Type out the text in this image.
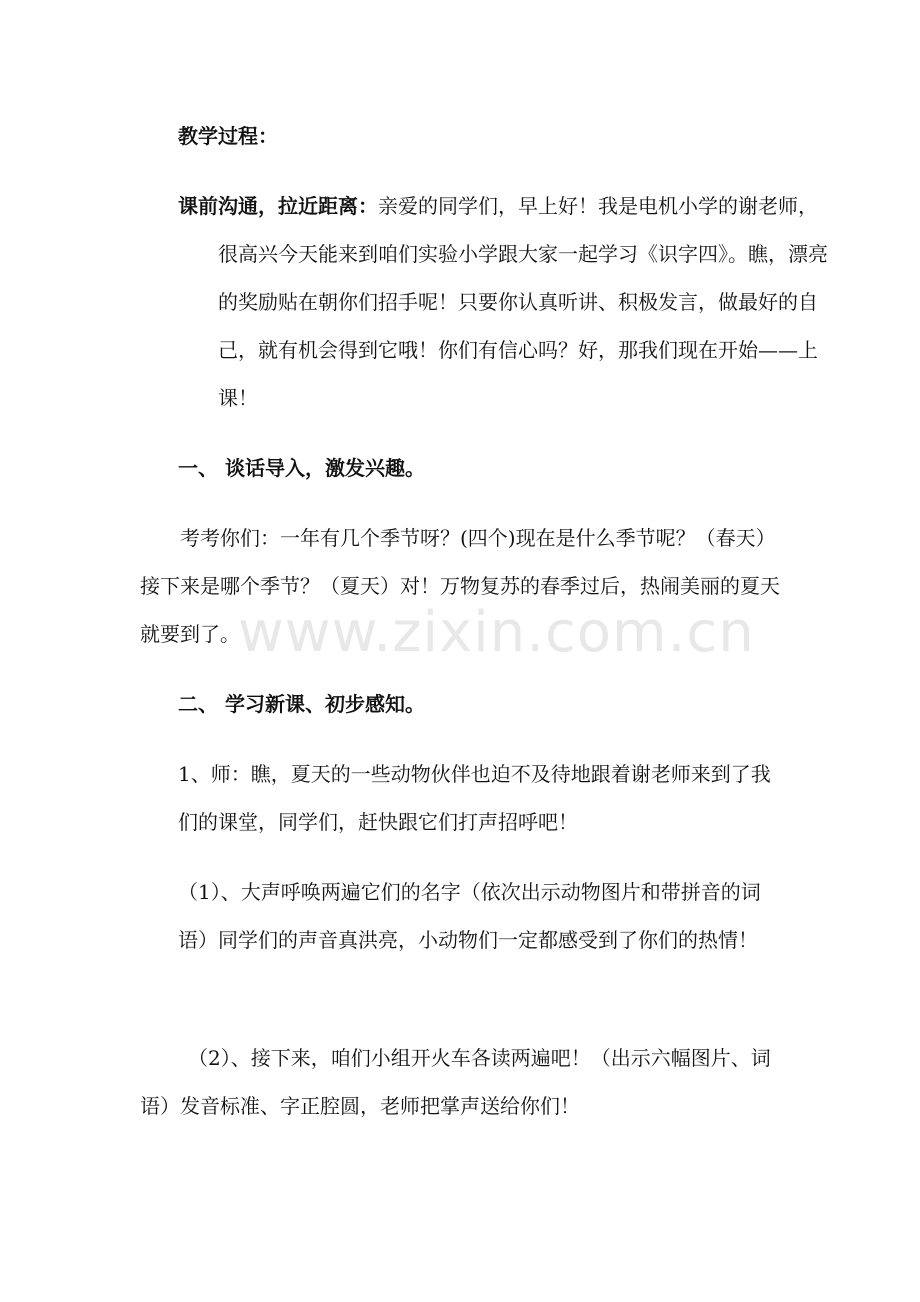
教学过程：

课前沟通，拉近距离：亲爱的同学们，早上好！我是电机小学的谢老师，很高兴今天能来到咱们实验小学跟大家一起学习《识字四》。瞧，漂亮的奖励贴在朝你们招手呢！只要你认真听讲、积极发言，做最好的自己，就有机会得到它哦！你们有信心吗？好，那我们现在开始——上课！

一、 谈话导入，激发兴趣。

考考你们：一年有几个季节呀？(四个)现在是什么季节呢？（春天）接下来是哪个季节？（夏天）对！万物复苏的春季过后，热闹美丽的夏天就要到了。

二、 学习新课、初步感知。

1、师：瞧，夏天的一些动物伙伴也迫不及待地跟着谢老师来到了我们的课堂，同学们，赶快跟它们打声招呼吧！

（1）、大声呼唤两遍它们的名字（依次出示动物图片和带拼音的词语）同学们的声音真洪亮，小动物们一定都感受到了你们的热情！

（2）、接下来，咱们小组开火车各读两遍吧！（出示六幅图片、词语）发音标准、字正腔圆，老师把掌声送给你们！

www.zixin.com.cn
